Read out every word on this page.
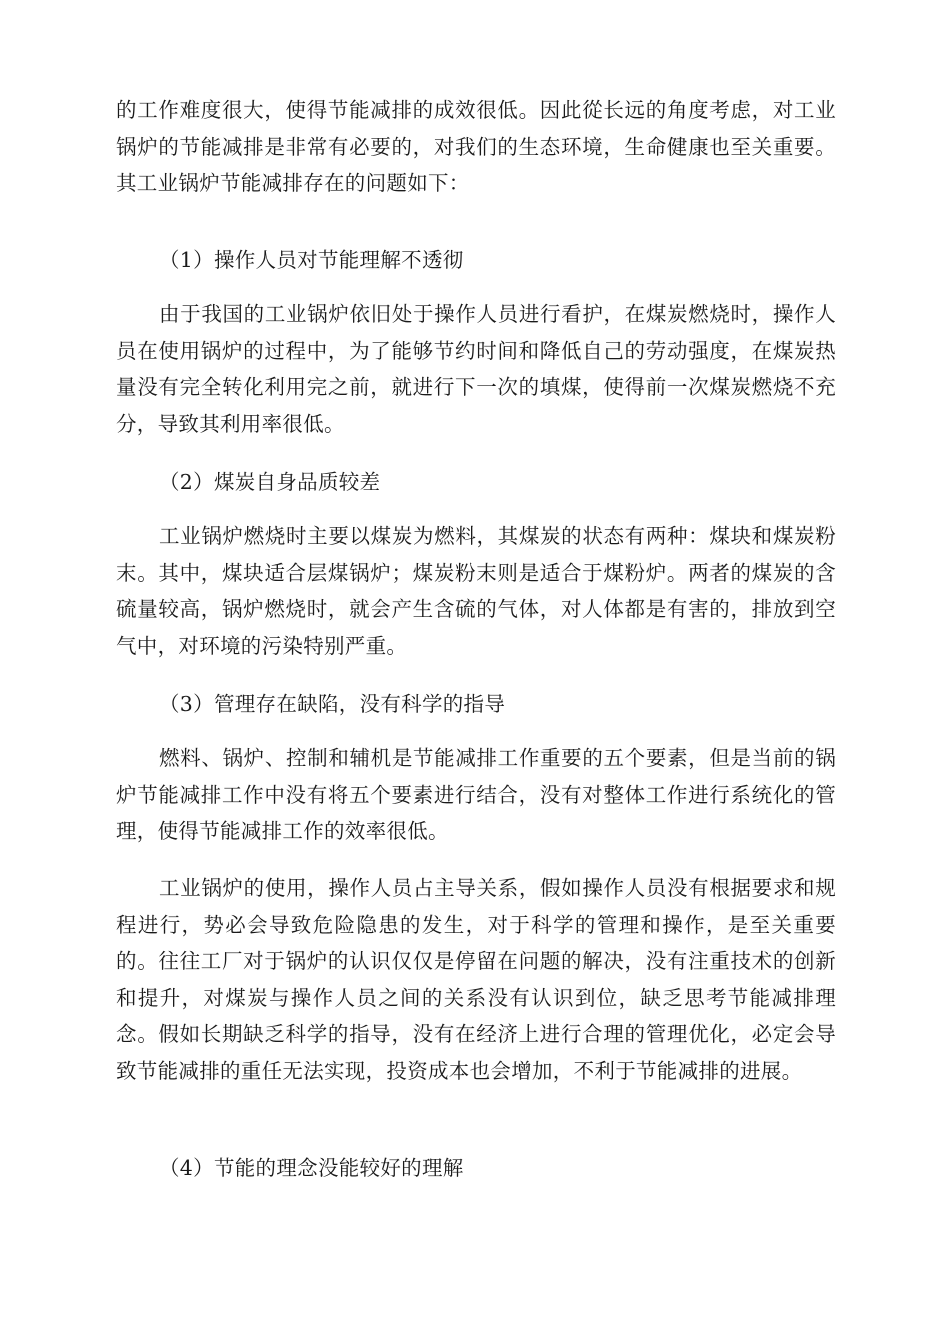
的工作难度很大，使得节能减排的成效很低。因此從长远的角度考虑，对工业锅炉的节能减排是非常有必要的，对我们的生态环境，生命健康也至关重要。其工业锅炉节能减排存在的问题如下：

（1）操作人员对节能理解不透彻

由于我国的工业锅炉依旧处于操作人员进行看护，在煤炭燃烧时，操作人员在使用锅炉的过程中，为了能够节约时间和降低自己的劳动强度，在煤炭热量没有完全转化利用完之前，就进行下一次的填煤，使得前一次煤炭燃烧不充分，导致其利用率很低。

（2）煤炭自身品质较差

工业锅炉燃烧时主要以煤炭为燃料，其煤炭的状态有两种：煤块和煤炭粉末。其中，煤块适合层煤锅炉；煤炭粉末则是适合于煤粉炉。两者的煤炭的含硫量较高，锅炉燃烧时，就会产生含硫的气体，对人体都是有害的，排放到空气中，对环境的污染特别严重。

（3）管理存在缺陷，没有科学的指导

燃料、锅炉、控制和辅机是节能减排工作重要的五个要素，但是当前的锅炉节能减排工作中没有将五个要素进行结合，没有对整体工作进行系统化的管理，使得节能减排工作的效率很低。

工业锅炉的使用，操作人员占主导关系，假如操作人员没有根据要求和规程进行，势必会导致危险隐患的发生，对于科学的管理和操作，是至关重要的。往往工厂对于锅炉的认识仅仅是停留在问题的解决，没有注重技术的创新和提升，对煤炭与操作人员之间的关系没有认识到位，缺乏思考节能减排理念。假如长期缺乏科学的指导，没有在经济上进行合理的管理优化，必定会导致节能减排的重任无法实现，投资成本也会增加，不利于节能减排的进展。

（4）节能的理念没能较好的理解
